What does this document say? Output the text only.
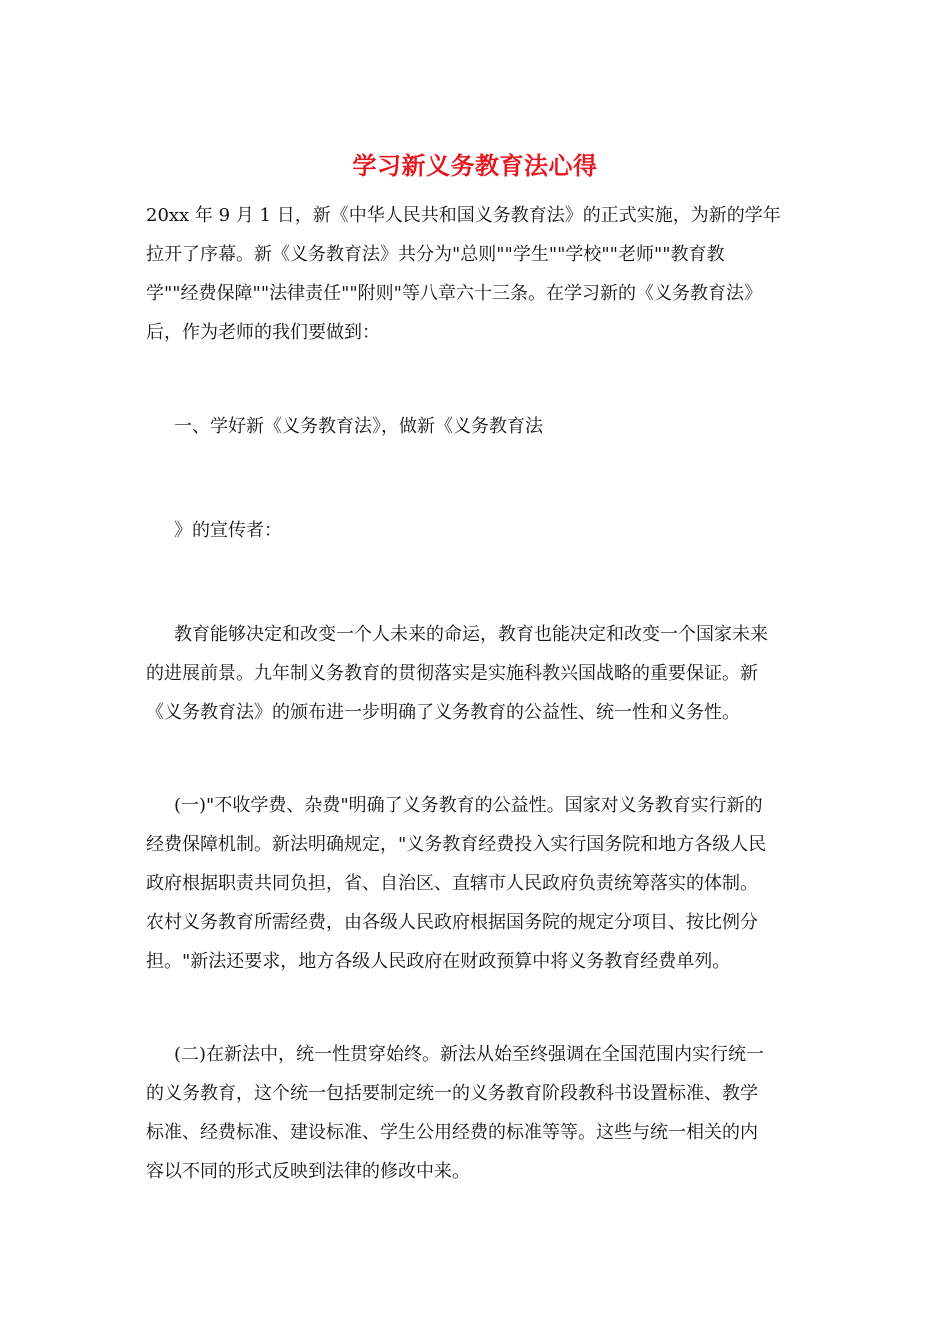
学习新义务教育法心得
20xx 年 9 月 1 日，新《中华人民共和国义务教育法》的正式实施，为新的学年
拉开了序幕。新《义务教育法》共分为"总则""学生""学校""老师""教育教
学""经费保障""法律责任""附则"等八章六十三条。在学习新的《义务教育法》
后，作为老师的我们要做到：
一、学好新《义务教育法》，做新《义务教育法
》的宣传者：
教育能够决定和改变一个人未来的命运，教育也能决定和改变一个国家未来
的进展前景。九年制义务教育的贯彻落实是实施科教兴国战略的重要保证。新
《义务教育法》的颁布进一步明确了义务教育的公益性、统一性和义务性。
(一)"不收学费、杂费"明确了义务教育的公益性。国家对义务教育实行新的
经费保障机制。新法明确规定，"义务教育经费投入实行国务院和地方各级人民
政府根据职责共同负担，省、自治区、直辖市人民政府负责统筹落实的体制。
农村义务教育所需经费，由各级人民政府根据国务院的规定分项目、按比例分
担。"新法还要求，地方各级人民政府在财政预算中将义务教育经费单列。
(二)在新法中，统一性贯穿始终。新法从始至终强调在全国范围内实行统一
的义务教育，这个统一包括要制定统一的义务教育阶段教科书设置标准、教学
标准、经费标准、建设标准、学生公用经费的标准等等。这些与统一相关的内
容以不同的形式反映到法律的修改中来。
